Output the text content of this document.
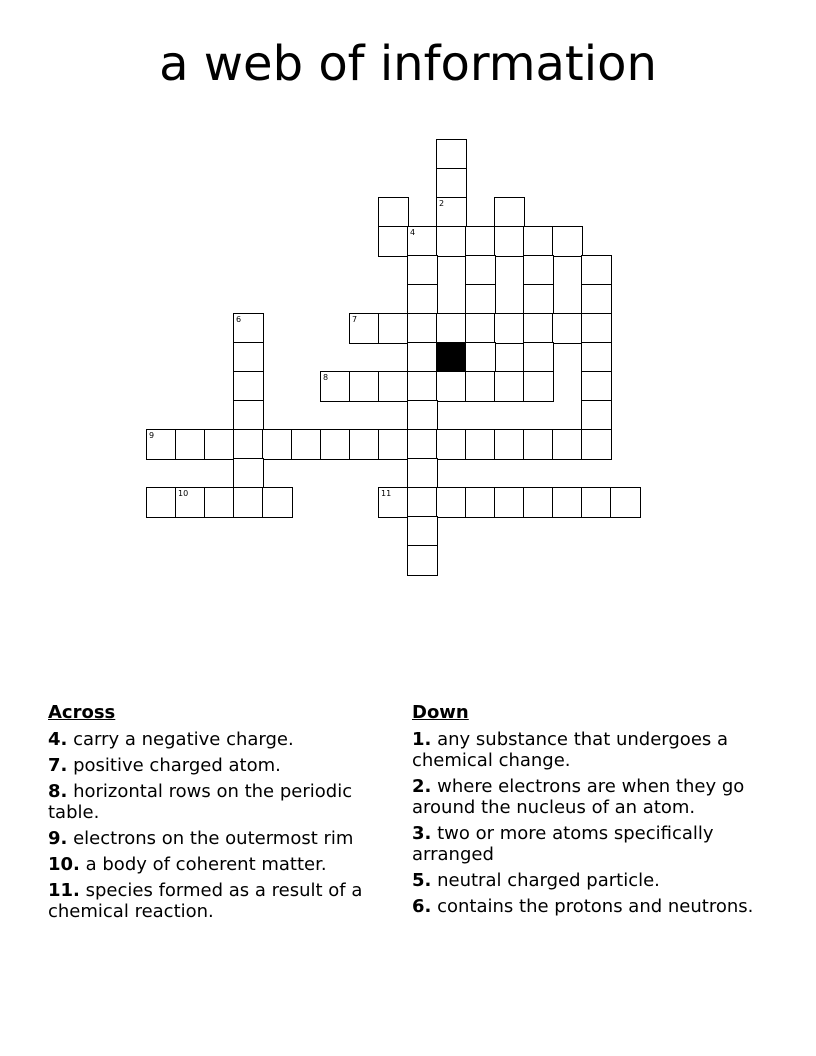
a web of information
2
4
6	7
8
9
10	11
Across
4. carry a negative charge.
7. positive charged atom.
8. horizontal rows on the periodic table.
9. electrons on the outermost rim
10. a body of coherent matter.
11. species formed as a result of a chemical reaction.
Down
1. any substance that undergoes a chemical change.
2. where electrons are when they go around the nucleus of an atom.
3. two or more atoms specifically arranged
5. neutral charged particle.
6. contains the protons and neutrons.
